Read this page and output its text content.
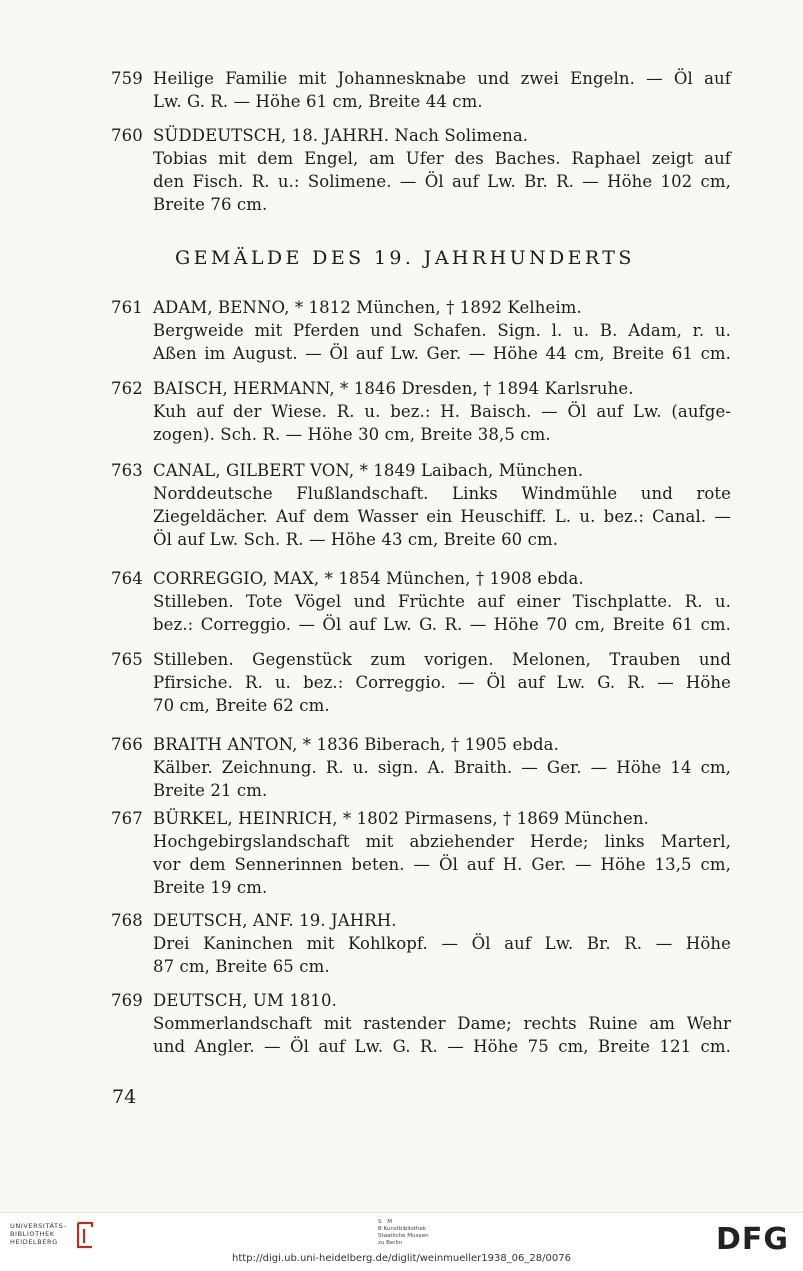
759 Heilige Familie mit Johannesknabe und zwei Engeln. — Öl auf
Lw. G. R. — Höhe 61 cm, Breite 44 cm.
760 SÜDDEUTSCH, 18. JAHRH. Nach Solimena.
Tobias mit dem Engel, am Ufer des Baches. Raphael zeigt auf
den Fisch. R. u.: Solimene. — Öl auf Lw. Br. R. — Höhe 102 cm,
Breite 76 cm.
GEMÄLDE DES 19. JAHRHUNDERTS
761 ADAM, BENNO, * 1812 München, † 1892 Kelheim.
Bergweide mit Pferden und Schafen. Sign. l. u. B. Adam, r. u.
Aßen im August. — Öl auf Lw. Ger. — Höhe 44 cm, Breite 61 cm.
762 BAISCH, HERMANN, * 1846 Dresden, † 1894 Karlsruhe.
Kuh auf der Wiese. R. u. bez.: H. Baisch. — Öl auf Lw. (aufge-
zogen). Sch. R. — Höhe 30 cm, Breite 38,5 cm.
763 CANAL, GILBERT VON, * 1849 Laibach, München.
Norddeutsche Flußlandschaft. Links Windmühle und rote
Ziegeldächer. Auf dem Wasser ein Heuschiff. L. u. bez.: Canal. —
Öl auf Lw. Sch. R. — Höhe 43 cm, Breite 60 cm.
764 CORREGGIO, MAX, * 1854 München, † 1908 ebda.
Stilleben. Tote Vögel und Früchte auf einer Tischplatte. R. u.
bez.: Correggio. — Öl auf Lw. G. R. — Höhe 70 cm, Breite 61 cm.
765 Stilleben. Gegenstück zum vorigen. Melonen, Trauben und
Pfirsiche. R. u. bez.: Correggio. — Öl auf Lw. G. R. — Höhe
70 cm, Breite 62 cm.
766 BRAITH ANTON, * 1836 Biberach, † 1905 ebda.
Kälber. Zeichnung. R. u. sign. A. Braith. — Ger. — Höhe 14 cm,
Breite 21 cm.
767 BÜRKEL, HEINRICH, * 1802 Pirmasens, † 1869 München.
Hochgebirgslandschaft mit abziehender Herde; links Marterl,
vor dem Sennerinnen beten. — Öl auf H. Ger. — Höhe 13,5 cm,
Breite 19 cm.
768 DEUTSCH, ANF. 19. JAHRH.
Drei Kaninchen mit Kohlkopf. — Öl auf Lw. Br. R. — Höhe
87 cm, Breite 65 cm.
769 DEUTSCH, UM 1810.
Sommerlandschaft mit rastender Dame; rechts Ruine am Wehr
und Angler. — Öl auf Lw. G. R. — Höhe 75 cm, Breite 121 cm.
74
UNIVERSITÄTS-
BIBLIOTHEK
HEIDELBERG
S M
B Kunstbibliothek
Staatliche Museen
zu Berlin	DFG
http://digi.ub.uni-heidelberg.de/diglit/weinmueller1938_06_28/0076
